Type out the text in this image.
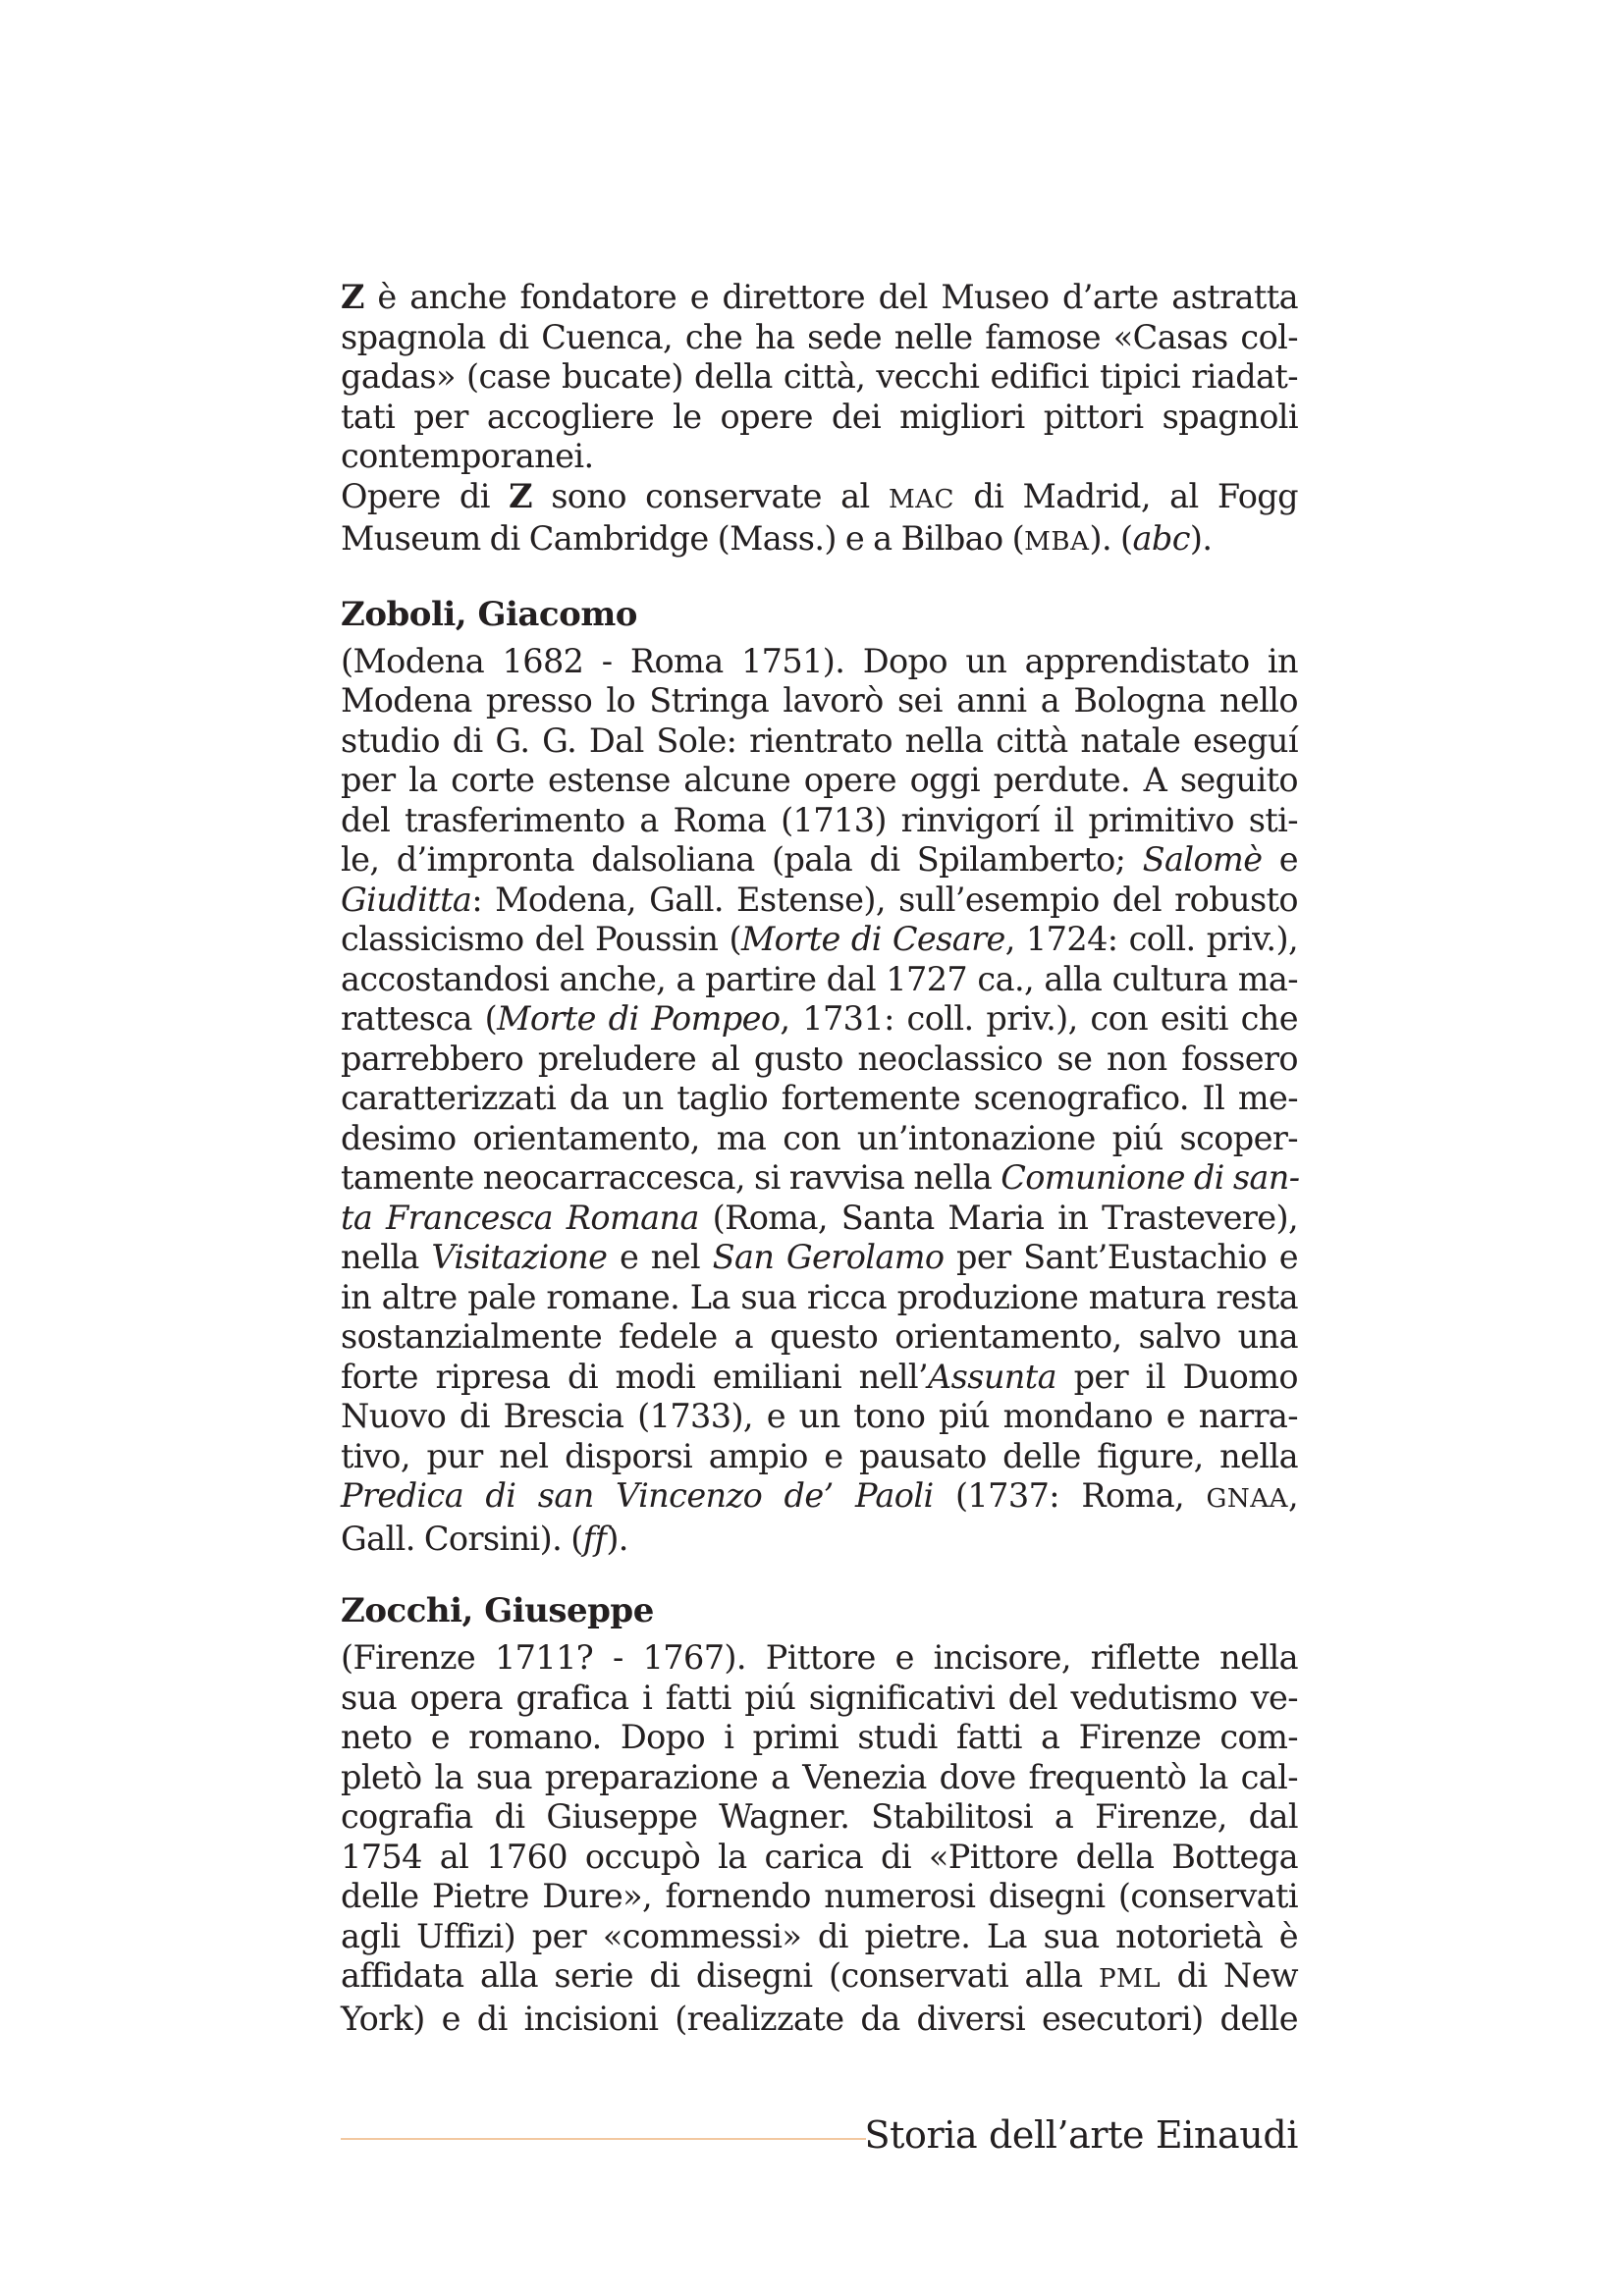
Z è anche fondatore e direttore del Museo d’arte astratta
spagnola di Cuenca, che ha sede nelle famose «Casas col-
gadas» (case bucate) della città, vecchi edifici tipici riadat-
tati per accogliere le opere dei migliori pittori spagnoli
contemporanei.
Opere di Z sono conservate al MAC di Madrid, al Fogg
Museum di Cambridge (Mass.) e a Bilbao (MBA). (abc).

Zoboli, Giacomo

(Modena 1682 - Roma 1751). Dopo un apprendistato in
Modena presso lo Stringa lavorò sei anni a Bologna nello
studio di G. G. Dal Sole: rientrato nella città natale eseguí
per la corte estense alcune opere oggi perdute. A seguito
del trasferimento a Roma (1713) rinvigorí il primitivo sti-
le, d’impronta dalsoliana (pala di Spilamberto; Salomè e
Giuditta: Modena, Gall. Estense), sull’esempio del robusto
classicismo del Poussin (Morte di Cesare, 1724: coll. priv.),
accostandosi anche, a partire dal 1727 ca., alla cultura ma-
rattesca (Morte di Pompeo, 1731: coll. priv.), con esiti che
parrebbero preludere al gusto neoclassico se non fossero
caratterizzati da un taglio fortemente scenografico. Il me-
desimo orientamento, ma con un’intonazione piú scoper-
tamente neocarraccesca, si ravvisa nella Comunione di san-
ta Francesca Romana (Roma, Santa Maria in Trastevere),
nella Visitazione e nel San Gerolamo per Sant’Eustachio e
in altre pale romane. La sua ricca produzione matura resta
sostanzialmente fedele a questo orientamento, salvo una
forte ripresa di modi emiliani nell’Assunta per il Duomo
Nuovo di Brescia (1733), e un tono piú mondano e narra-
tivo, pur nel disporsi ampio e pausato delle figure, nella
Predica di san Vincenzo de’ Paoli (1737: Roma, GNAA,
Gall. Corsini). (ff).

Zocchi, Giuseppe

(Firenze 1711? - 1767). Pittore e incisore, riflette nella
sua opera grafica i fatti piú significativi del vedutismo ve-
neto e romano. Dopo i primi studi fatti a Firenze com-
pletò la sua preparazione a Venezia dove frequentò la cal-
cografia di Giuseppe Wagner. Stabilitosi a Firenze, dal
1754 al 1760 occupò la carica di «Pittore della Bottega
delle Pietre Dure», fornendo numerosi disegni (conservati
agli Uffizi) per «commessi» di pietre. La sua notorietà è
affidata alla serie di disegni (conservati alla PML di New
York) e di incisioni (realizzate da diversi esecutori) delle

Storia dell’arte Einaudi
